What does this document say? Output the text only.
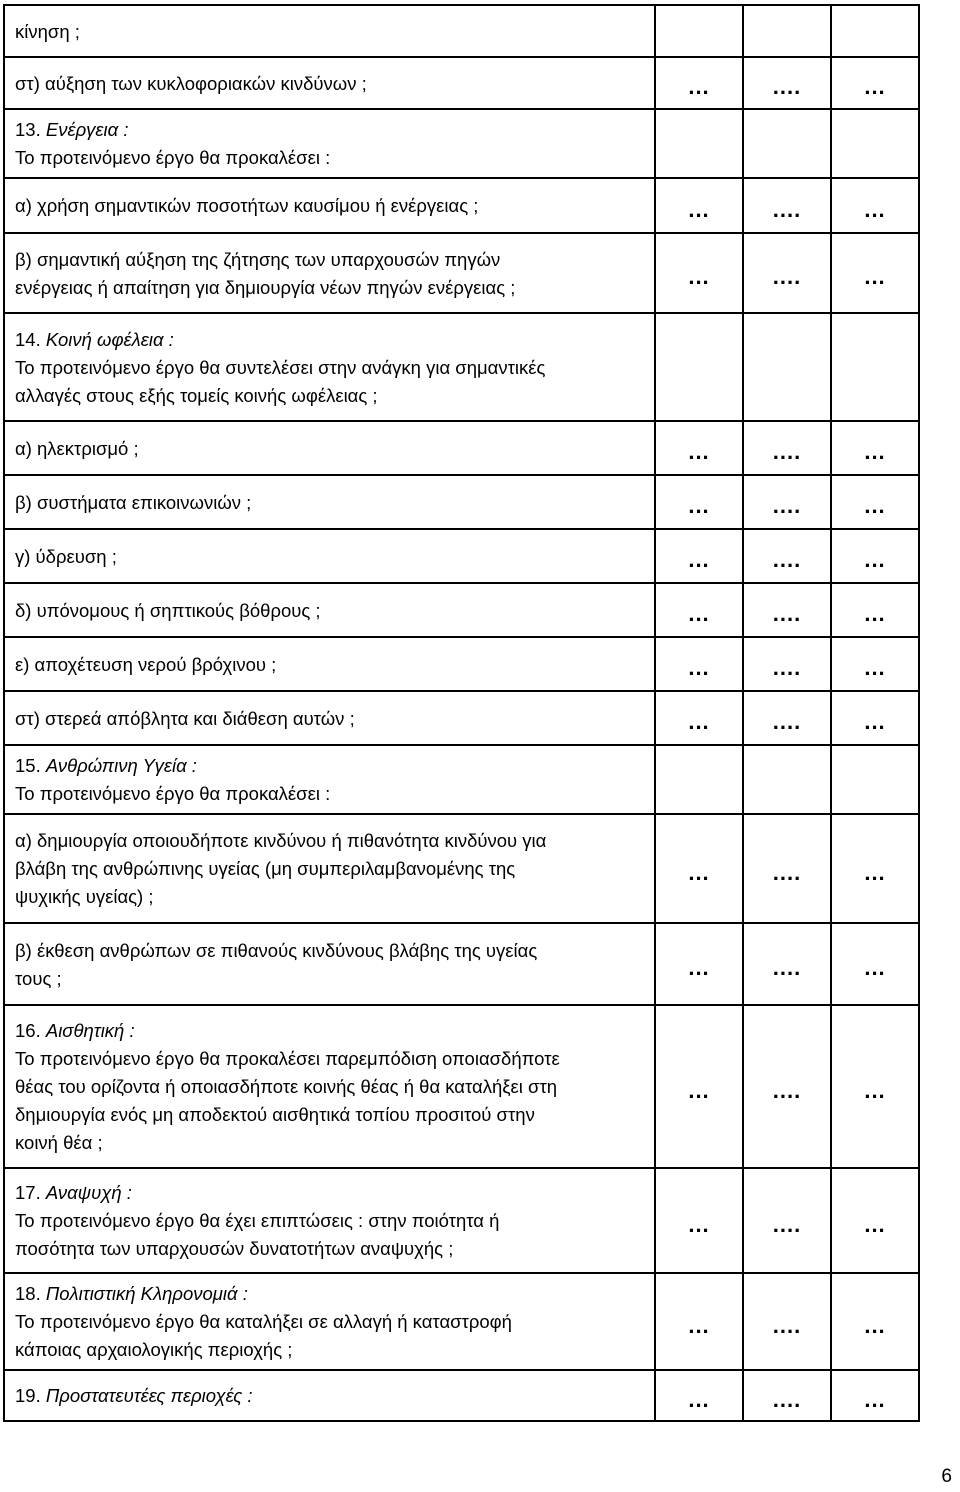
κίνηση ;			

στ) αύξηση των κυκλοφοριακών κινδύνων ;	...	....	...

13. Ενέργεια :
Το προτεινόμενο έργο θα προκαλέσει :			

α) χρήση σημαντικών ποσοτήτων καυσίμου ή ενέργειας ;	...	....	...

β) σημαντική αύξηση της ζήτησης των υπαρχουσών πηγών
ενέργειας ή απαίτηση για δημιουργία νέων πηγών ενέργειας ;	...	....	...

14. Κοινή ωφέλεια :
Το προτεινόμενο έργο θα συντελέσει στην ανάγκη για σημαντικές
αλλαγές στους εξής τομείς κοινής ωφέλειας ;			

α) ηλεκτρισμό ;	...	....	...

β) συστήματα επικοινωνιών ;	...	....	...

γ) ύδρευση ;	...	....	...

δ) υπόνομους ή σηπτικούς βόθρους ;	...	....	...

ε) αποχέτευση νερού βρόχινου ;	...	....	...

στ) στερεά απόβλητα και διάθεση αυτών ;	...	....	...

15. Ανθρώπινη Υγεία :
Το προτεινόμενο έργο θα προκαλέσει :			

α) δημιουργία οποιουδήποτε κινδύνου ή πιθανότητα κινδύνου για
βλάβη της ανθρώπινης υγείας (μη συμπεριλαμβανομένης της
ψυχικής υγείας) ;	...	....	...

β) έκθεση ανθρώπων σε πιθανούς κινδύνους βλάβης της υγείας
τους ;	...	....	...

16. Αισθητική :
Το προτεινόμενο έργο θα προκαλέσει παρεμπόδιση οποιασδήποτε
θέας του ορίζοντα ή οποιασδήποτε κοινής θέας ή θα καταλήξει στη
δημιουργία ενός μη αποδεκτού αισθητικά τοπίου προσιτού στην
κοινή θέα ;	...	....	...

17. Αναψυχή :
Το προτεινόμενο έργο θα έχει επιπτώσεις : στην ποιότητα ή
ποσότητα των υπαρχουσών δυνατοτήτων αναψυχής ;	...	....	...

18. Πολιτιστική Κληρονομιά :
Το προτεινόμενο έργο θα καταλήξει σε αλλαγή ή καταστροφή
κάποιας αρχαιολογικής περιοχής ;	...	....	...

19. Προστατευτέες περιοχές :	...	....	...
6
